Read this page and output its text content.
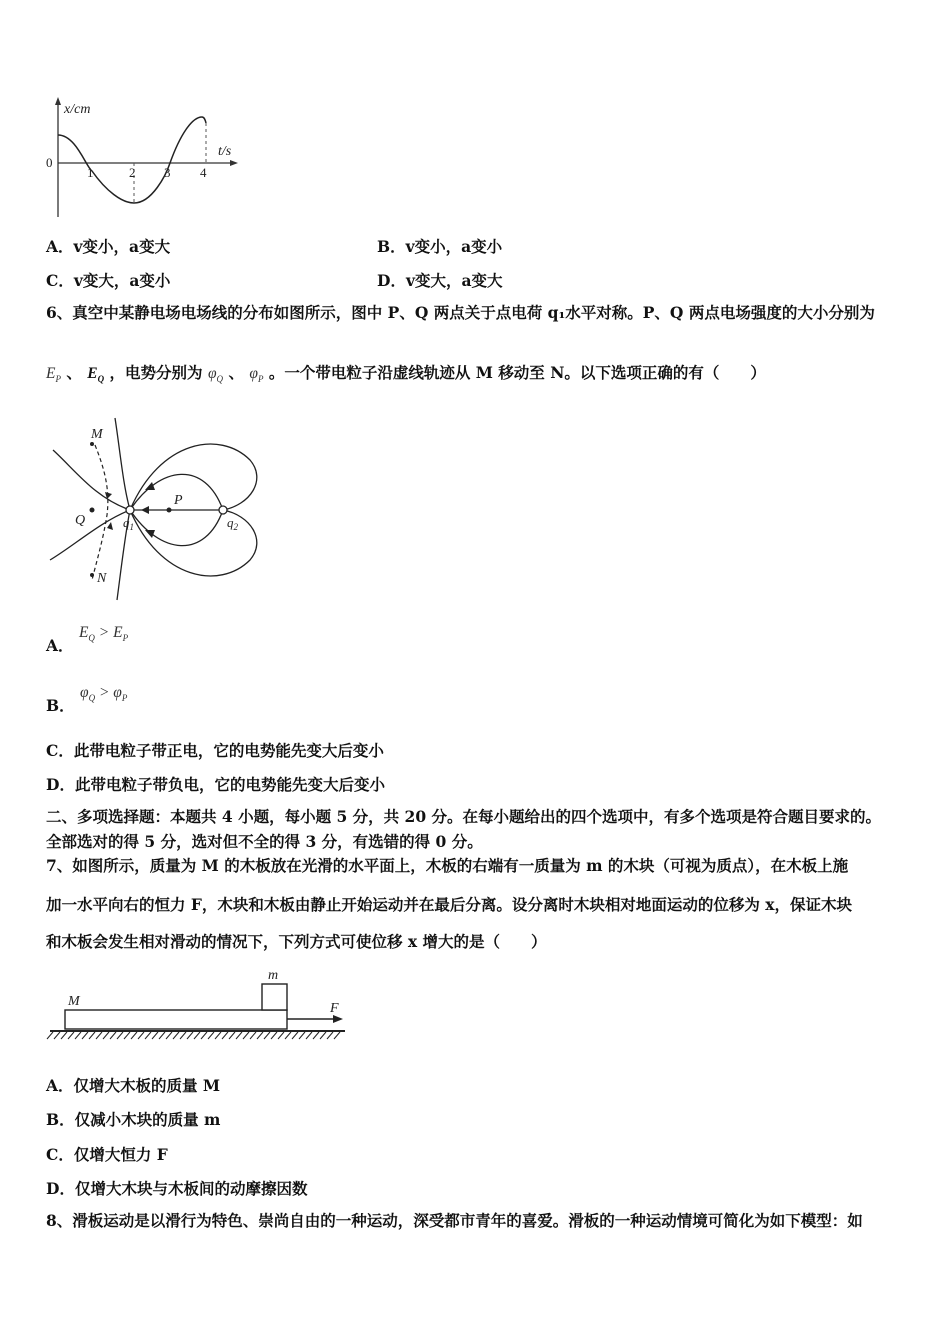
x/cm
t/s
0
1	2 3 4
A．v变小，a变大	B．v变小，a变小
C．v变大，a变小	D．v变大，a变大
6、真空中某静电场电场线的分布如图所示，图中 P、Q 两点关于点电荷 q₁水平对称。P、Q 两点电场强度的大小分别为
$E_P$ 、 $E_Q$ ，电势分别为 $\varphi_Q$ 、 $\varphi_P$ 。一个带电粒子沿虚线轨迹从 M 移动至 N。以下选项正确的有（　　）
M
N
P
Q	$q_1$	$q_2$
A． $E_Q > E_P$
B． $\varphi_Q > \varphi_P$
C．此带电粒子带正电，它的电势能先变大后变小
D．此带电粒子带负电，它的电势能先变大后变小
二、多项选择题：本题共 4 小题，每小题 5 分，共 20 分。在每小题给出的四个选项中，有多个选项是符合题目要求的。
全部选对的得 5 分，选对但不全的得 3 分，有选错的得 0 分。
7、如图所示，质量为 M 的木板放在光滑的水平面上，木板的右端有一质量为 m 的木块（可视为质点），在木板上施
加一水平向右的恒力 F，木块和木板由静止开始运动并在最后分离。设分离时木块相对地面运动的位移为 x，保证木块
和木板会发生相对滑动的情况下，下列方式可使位移 x 增大的是（　　）
M
m
F
A．仅增大木板的质量 M
B．仅减小木块的质量 m
C．仅增大恒力 F
D．仅增大木块与木板间的动摩擦因数
8、滑板运动是以滑行为特色、崇尚自由的一种运动，深受都市青年的喜爱。滑板的一种运动情境可简化为如下模型：如
